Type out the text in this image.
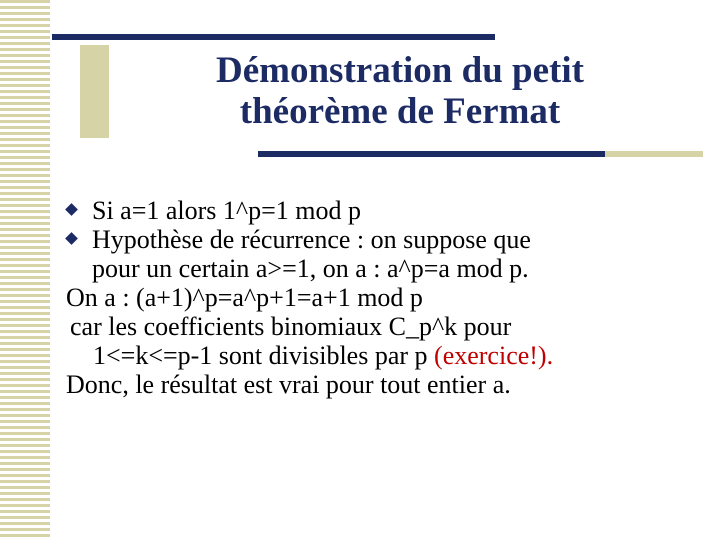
Démonstration du petit
théorème de Fermat
Si a=1 alors 1^p=1 mod p
Hypothèse de récurrence : on suppose que
pour un certain a>=1, on a : a^p=a mod p.
On a : (a+1)^p=a^p+1=a+1 mod p
car les coefficients binomiaux C_p^k pour
1<=k<=p-1 sont divisibles par p (exercice!).
Donc, le résultat est vrai pour tout entier a.
